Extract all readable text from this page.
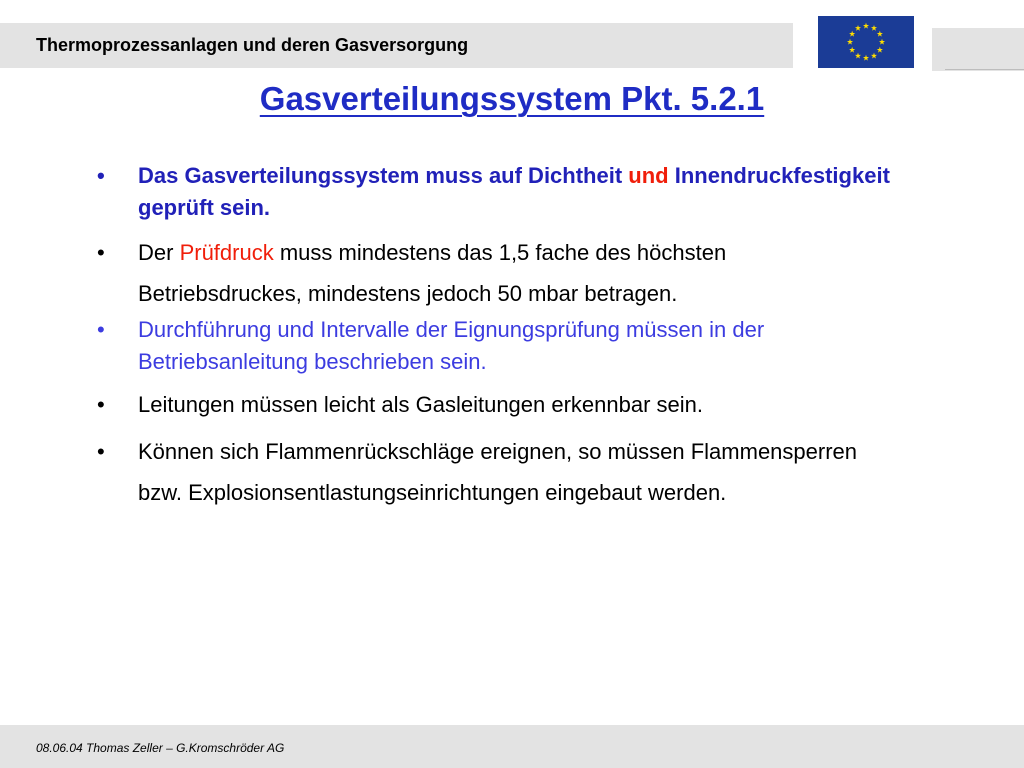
Thermoprozessanlagen und deren Gasversorgung
Gasverteilungssystem Pkt. 5.2.1
• Das Gasverteilungssystem muss auf Dichtheit und Innendruckfestigkeit geprüft sein.
• Der Prüfdruck muss mindestens das 1,5 fache des höchsten Betriebsdruckes, mindestens jedoch 50 mbar betragen.
• Durchführung und Intervalle der Eignungsprüfung müssen in der Betriebsanleitung beschrieben sein.
• Leitungen müssen leicht als Gasleitungen erkennbar sein.
• Können sich Flammenrückschläge ereignen, so müssen Flammensperren bzw. Explosionsentlastungseinrichtungen eingebaut werden.
08.06.04 Thomas Zeller – G.Kromschröder AG
